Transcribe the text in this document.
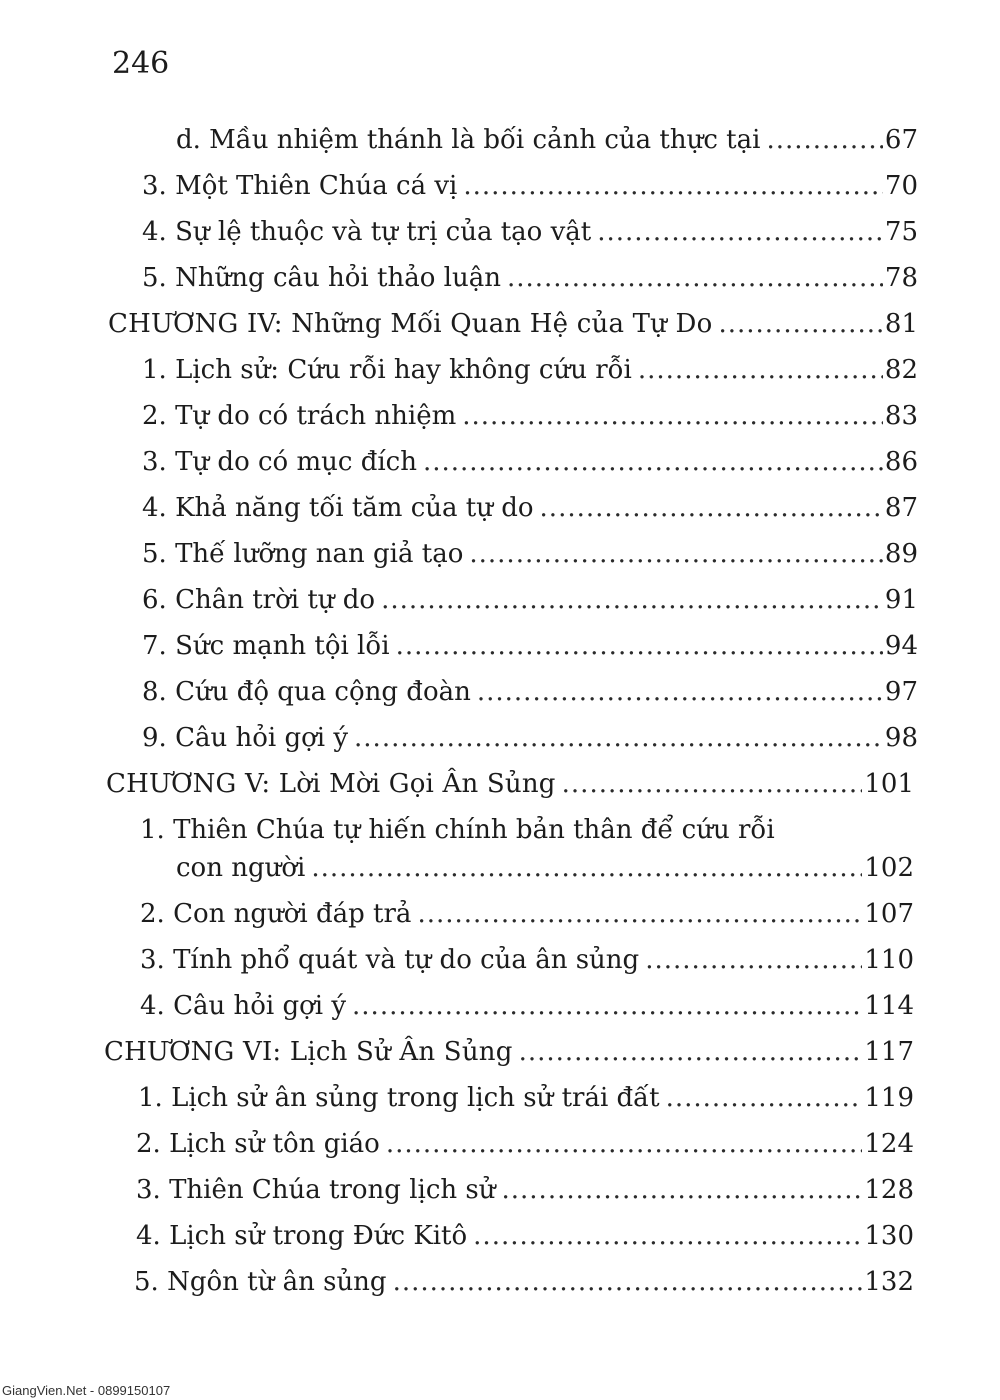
246
d. Mầu nhiệm thánh là bối cảnh của thực tại .....	67
3. Một Thiên Chúa cá vị .....	70
4. Sự lệ thuộc và tự trị của tạo vật .....	75
5. Những câu hỏi thảo luận .....	78
CHƯƠNG IV: Những Mối Quan Hệ của Tự Do .....	81
1. Lịch sử: Cứu rỗi hay không cứu rỗi .....	82
2. Tự do có trách nhiệm .....	83
3. Tự do có mục đích .....	86
4. Khả năng tối tăm của tự do .....	87
5. Thế lưỡng nan giả tạo .....	89
6. Chân trời tự do .....	91
7. Sức mạnh tội lỗi .....	94
8. Cứu độ qua cộng đoàn .....	97
9. Câu hỏi gợi ý .....	98
CHƯƠNG V: Lời Mời Gọi Ân Sủng .....	101
1. Thiên Chúa tự hiến chính bản thân để cứu rỗi
con người .....	102
2. Con người đáp trả .....	107
3. Tính phổ quát và tự do của ân sủng .....	110
4. Câu hỏi gợi ý .....	114
CHƯƠNG VI: Lịch Sử Ân Sủng .....	117
1. Lịch sử ân sủng trong lịch sử trái đất .....	119
2. Lịch sử tôn giáo .....	124
3. Thiên Chúa trong lịch sử .....	128
4. Lịch sử trong Đức Kitô .....	130
5. Ngôn từ ân sủng .....	132
GiangVien.Net - 0899150107
